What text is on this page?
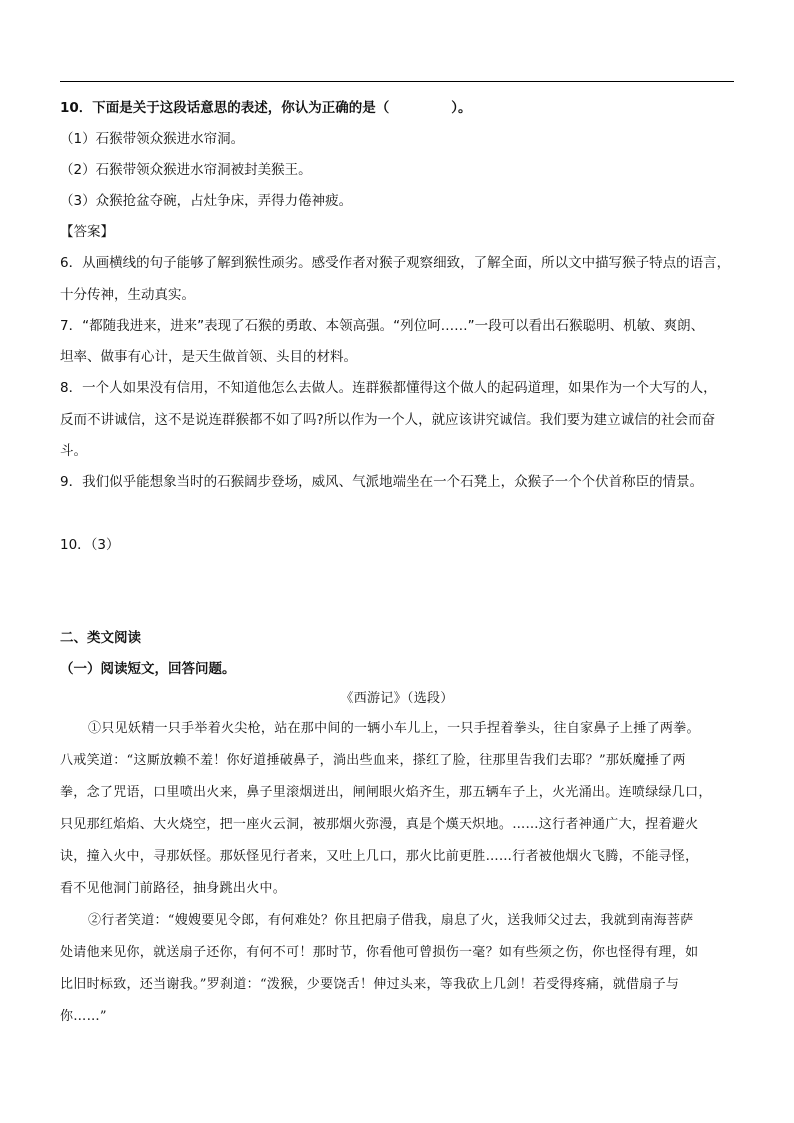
10．下面是关于这段话意思的表述，你认为正确的是（	）。
（1）石猴带领众猴进水帘洞。
（2）石猴带领众猴进水帘洞被封美猴王。
（3）众猴抢盆夺碗，占灶争床，弄得力倦神疲。
【答案】
6．从画横线的句子能够了解到猴性顽劣。感受作者对猴子观察细致，了解全面，所以文中描写猴子特点的语言，
十分传神，生动真实。
7．“都随我进来，进来”表现了石猴的勇敢、本领高强。“列位呵……”一段可以看出石猴聪明、机敏、爽朗、
坦率、做事有心计，是天生做首领、头目的材料。
8．一个人如果没有信用，不知道他怎么去做人。连群猴都懂得这个做人的起码道理，如果作为一个大写的人，
反而不讲诚信，这不是说连群猴都不如了吗?所以作为一个人，就应该讲究诚信。我们要为建立诚信的社会而奋
斗。
9．我们似乎能想象当时的石猴阔步登场，威风、气派地端坐在一个石凳上，众猴子一个个伏首称臣的情景。
10．（3）
二、类文阅读
（一）阅读短文，回答问题。
《西游记》（选段）
①只见妖精一只手举着火尖枪，站在那中间的一辆小车儿上，一只手捏着拳头，往自家鼻子上捶了两拳。
八戒笑道：“这厮放赖不羞！你好道捶破鼻子，淌出些血来，搽红了脸，往那里告我们去耶？”那妖魔捶了两
拳，念了咒语，口里喷出火来，鼻子里滚烟迸出，闸闸眼火焰齐生，那五辆车子上，火光涌出。连喷绿绿几口，
只见那红焰焰、大火烧空，把一座火云洞，被那烟火弥漫，真是个熯天炽地。……这行者神通广大，捏着避火
诀，撞入火中，寻那妖怪。那妖怪见行者来，又吐上几口，那火比前更胜……行者被他烟火飞腾，不能寻怪，
看不见他洞门前路径，抽身跳出火中。
②行者笑道：“嫂嫂要见令郎，有何难处？你且把扇子借我，扇息了火，送我师父过去，我就到南海菩萨
处请他来见你，就送扇子还你，有何不可！那时节，你看他可曾损伤一毫？如有些须之伤，你也怪得有理，如
比旧时标致，还当谢我。”罗刹道：“泼猴，少要饶舌！伸过头来，等我砍上几剑！若受得疼痛，就借扇子与
你……”
